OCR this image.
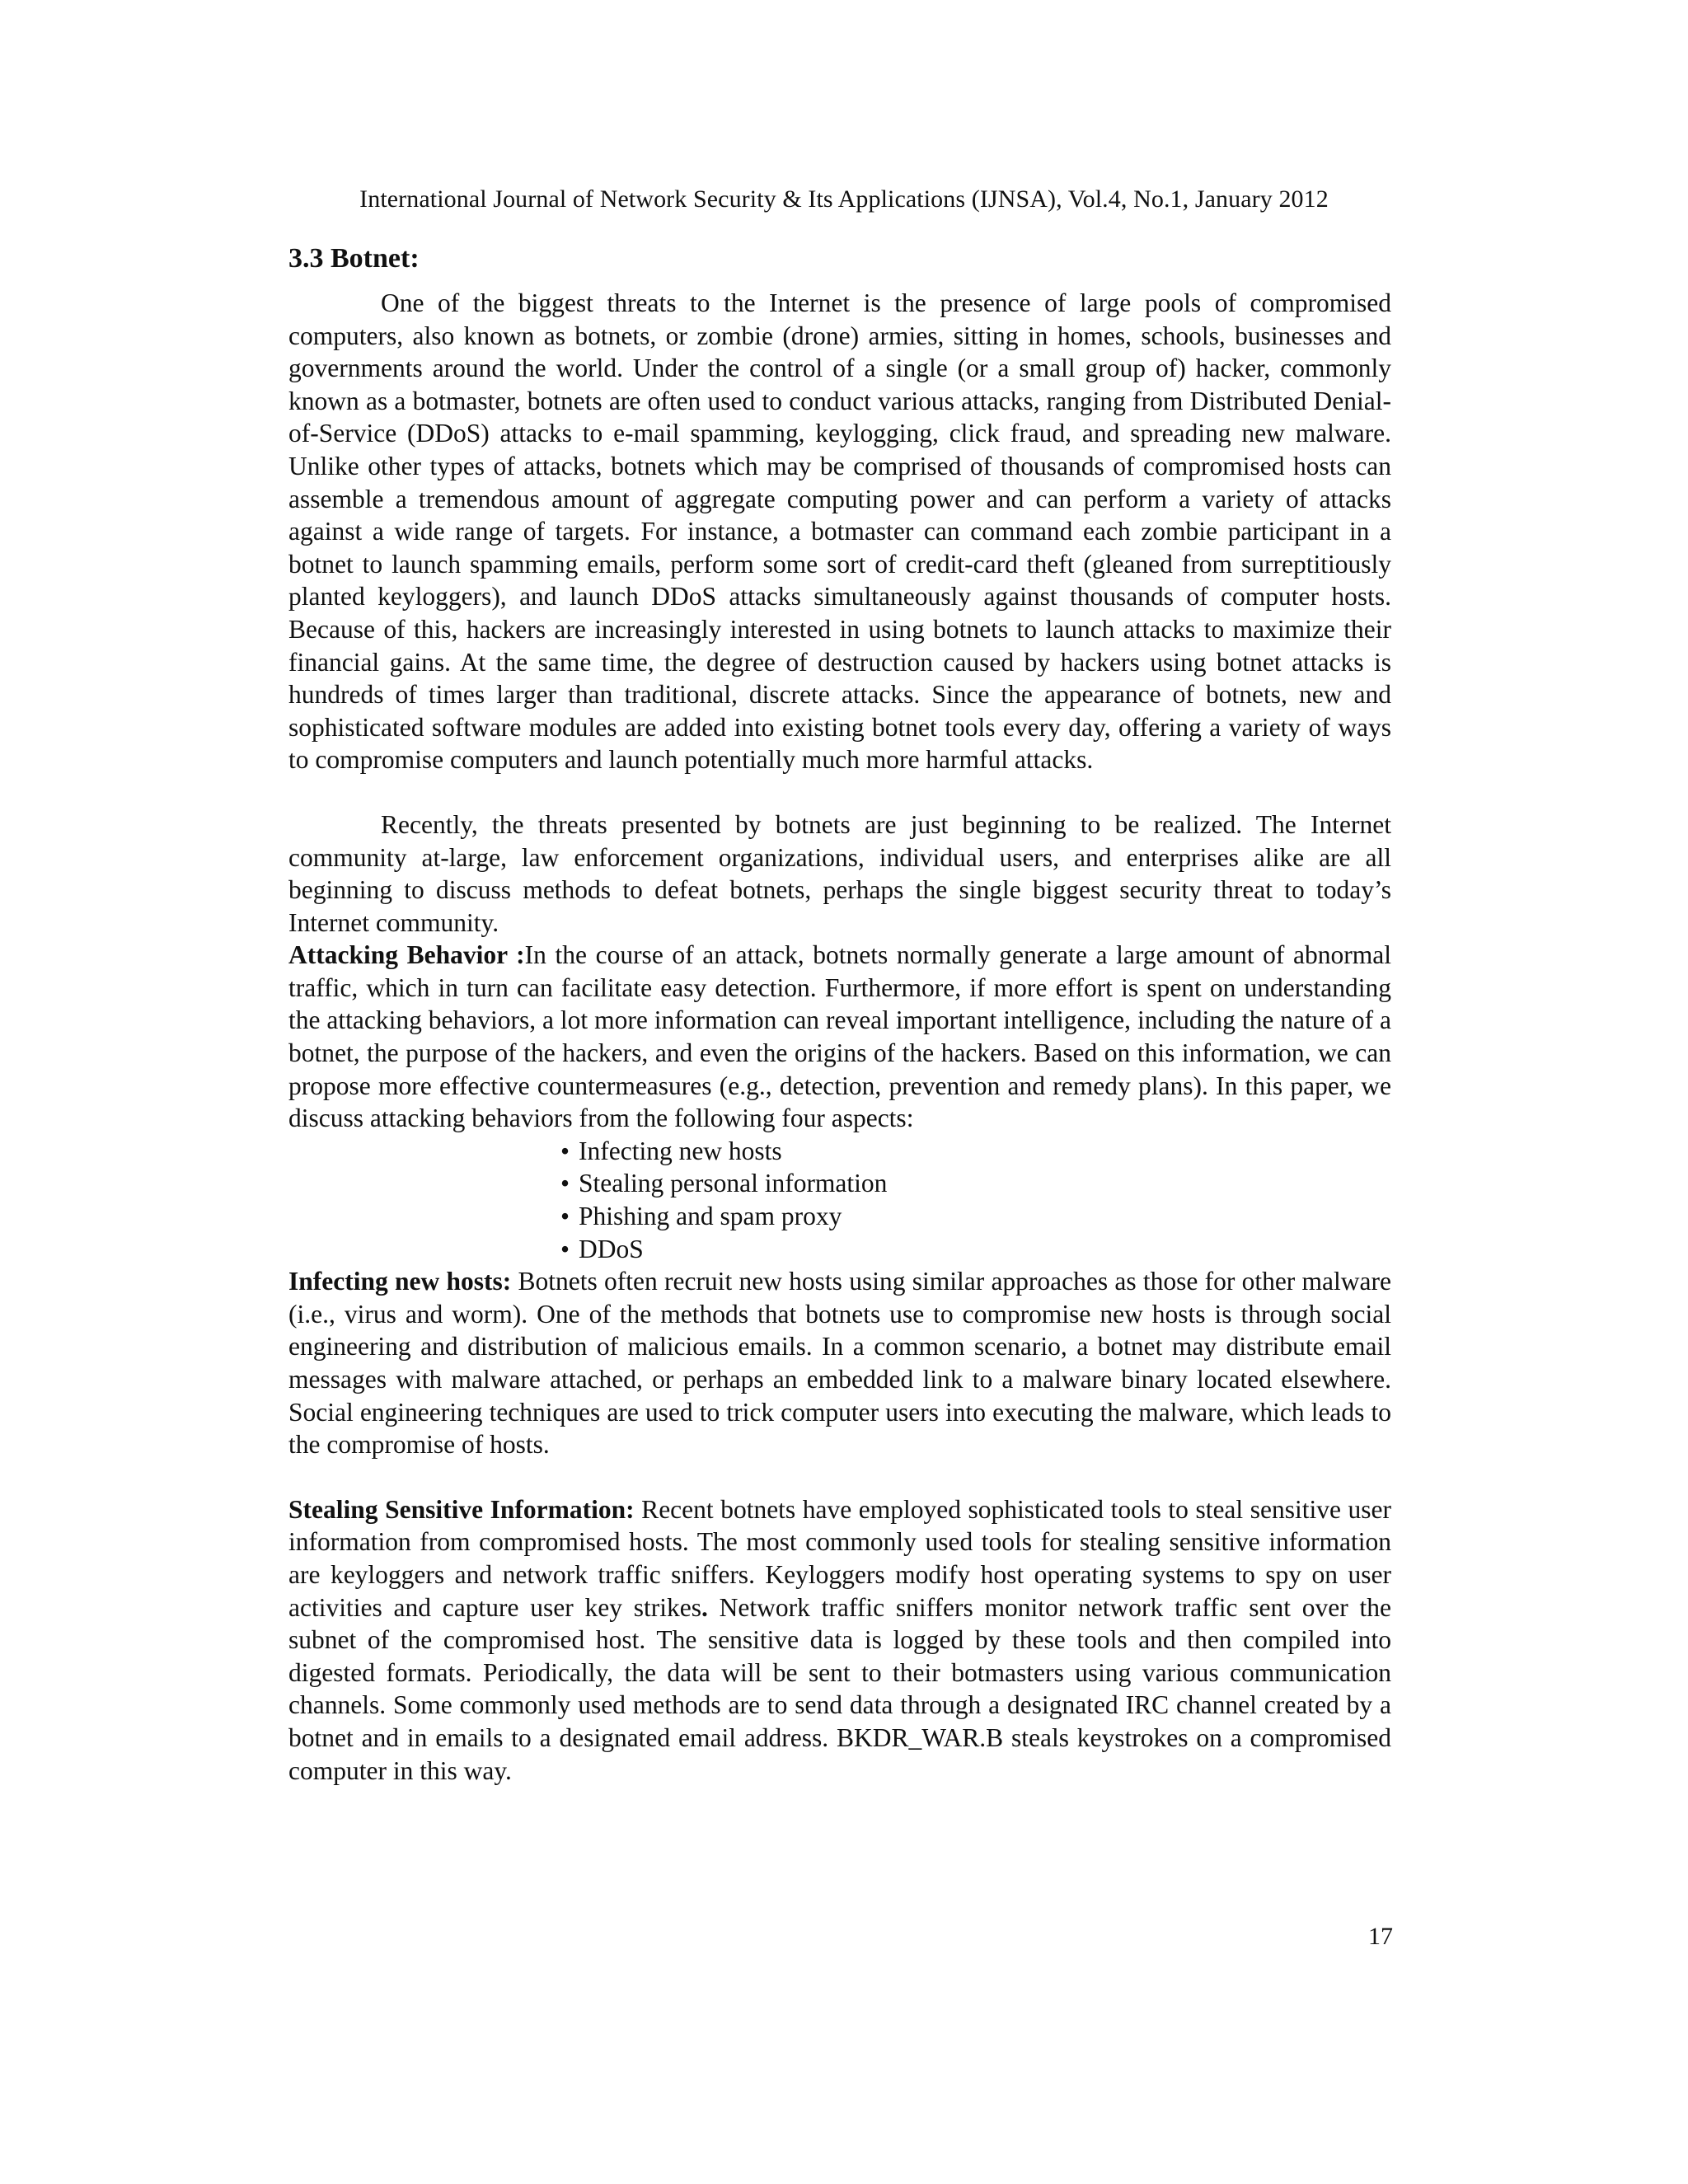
International Journal of Network Security & Its Applications (IJNSA), Vol.4, No.1, January 2012
3.3 Botnet:

One of the biggest threats to the Internet is the presence of large pools of compromised computers, also known as botnets, or zombie (drone) armies, sitting in homes, schools, businesses and governments around the world. Under the control of a single (or a small group of) hacker, commonly known as a botmaster, botnets are often used to conduct various attacks, ranging from Distributed Denial-of-Service (DDoS) attacks to e-mail spamming, keylogging, click fraud, and spreading new malware. Unlike other types of attacks, botnets which may be comprised of thousands of compromised hosts can assemble a tremendous amount of aggregate computing power and can perform a variety of attacks against a wide range of targets. For instance, a botmaster can command each zombie participant in a botnet to launch spamming emails, perform some sort of credit-card theft (gleaned from surreptitiously planted keyloggers), and launch DDoS attacks simultaneously against thousands of computer hosts. Because of this, hackers are increasingly interested in using botnets to launch attacks to maximize their financial gains. At the same time, the degree of destruction caused by hackers using botnet attacks is hundreds of times larger than traditional, discrete attacks. Since the appearance of botnets, new and sophisticated software modules are added into existing botnet tools every day, offering a variety of ways to compromise computers and launch potentially much more harmful attacks.

Recently, the threats presented by botnets are just beginning to be realized. The Internet community at-large, law enforcement organizations, individual users, and enterprises alike are all beginning to discuss methods to defeat botnets, perhaps the single biggest security threat to today’s Internet community.

Attacking Behavior :In the course of an attack, botnets normally generate a large amount of abnormal traffic, which in turn can facilitate easy detection. Furthermore, if more effort is spent on understanding the attacking behaviors, a lot more information can reveal important intelligence, including the nature of a botnet, the purpose of the hackers, and even the origins of the hackers. Based on this information, we can propose more effective countermeasures (e.g., detection, prevention and remedy plans). In this paper, we discuss attacking behaviors from the following four aspects:

• Infecting new hosts
• Stealing personal information
• Phishing and spam proxy
• DDoS

Infecting new hosts: Botnets often recruit new hosts using similar approaches as those for other malware (i.e., virus and worm). One of the methods that botnets use to compromise new hosts is through social engineering and distribution of malicious emails. In a common scenario, a botnet may distribute email messages with malware attached, or perhaps an embedded link to a malware binary located elsewhere. Social engineering techniques are used to trick computer users into executing the malware, which leads to the compromise of hosts.

Stealing Sensitive Information: Recent botnets have employed sophisticated tools to steal sensitive user information from compromised hosts. The most commonly used tools for stealing sensitive information are keyloggers and network traffic sniffers. Keyloggers modify host operating systems to spy on user activities and capture user key strikes. Network traffic sniffers monitor network traffic sent over the subnet of the compromised host. The sensitive data is logged by these tools and then compiled into digested formats. Periodically, the data will be sent to their botmasters using various communication channels. Some commonly used methods are to send data through a designated IRC channel created by a botnet and in emails to a designated email address. BKDR_WAR.B steals keystrokes on a compromised computer in this way.

17
